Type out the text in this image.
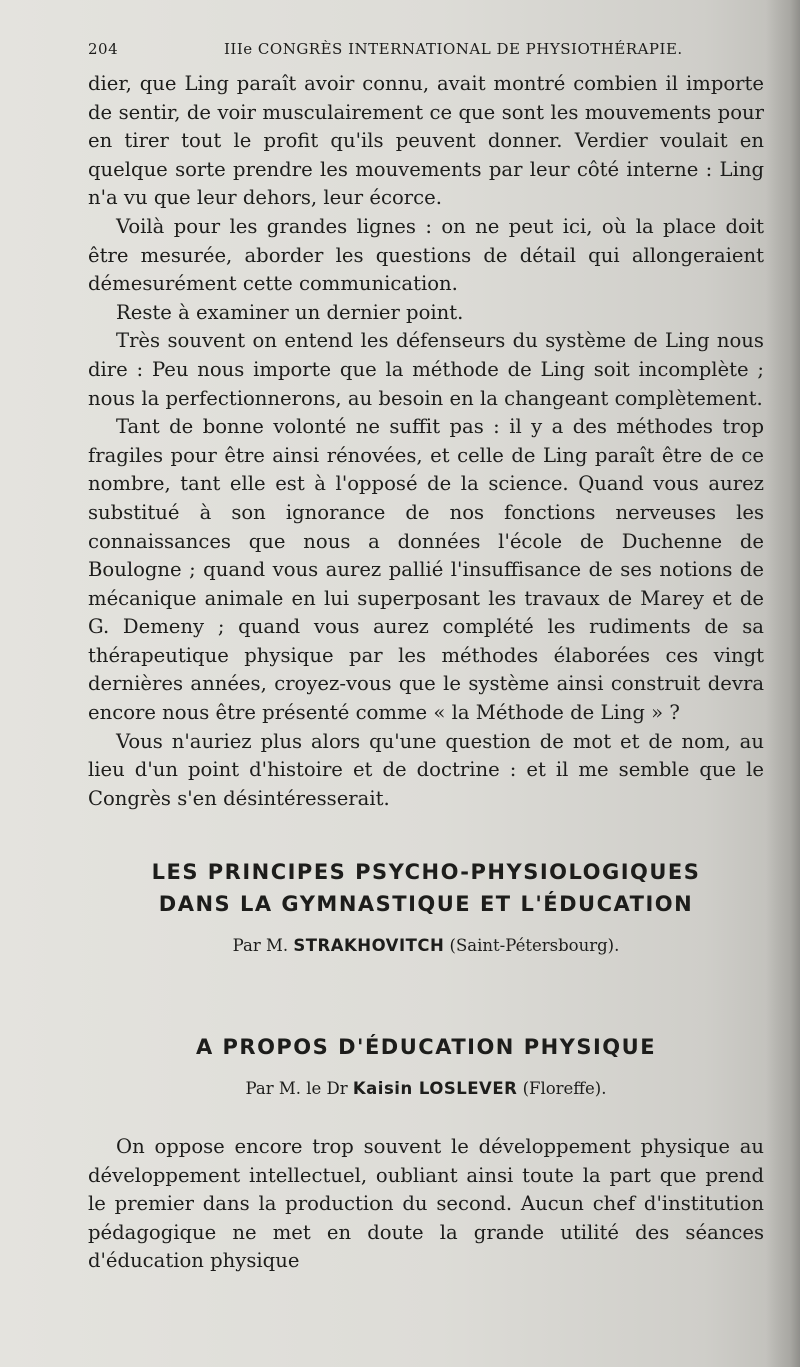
204	IIIe CONGRÈS INTERNATIONAL DE PHYSIOTHÉRAPIE.

dier, que Ling paraît avoir connu, avait montré combien il importe de sentir, de voir musculairement ce que sont les mouvements pour en tirer tout le profit qu'ils peuvent donner. Verdier voulait en quelque sorte prendre les mouvements par leur côté interne : Ling n'a vu que leur dehors, leur écorce.

Voilà pour les grandes lignes : on ne peut ici, où la place doit être mesurée, aborder les questions de détail qui allongeraient démesurément cette communication.

Reste à examiner un dernier point.

Très souvent on entend les défenseurs du système de Ling nous dire : Peu nous importe que la méthode de Ling soit incomplète ; nous la perfectionnerons, au besoin en la changeant complètement.

Tant de bonne volonté ne suffit pas : il y a des méthodes trop fragiles pour être ainsi rénovées, et celle de Ling paraît être de ce nombre, tant elle est à l'opposé de la science. Quand vous aurez substitué à son ignorance de nos fonctions nerveuses les connaissances que nous a données l'école de Duchenne de Boulogne ; quand vous aurez pallié l'insuffisance de ses notions de mécanique animale en lui superposant les travaux de Marey et de G. Demeny ; quand vous aurez complété les rudiments de sa thérapeutique physique par les méthodes élaborées ces vingt dernières années, croyez-vous que le système ainsi construit devra encore nous être présenté comme « la Méthode de Ling » ?

Vous n'auriez plus alors qu'une question de mot et de nom, au lieu d'un point d'histoire et de doctrine : et il me semble que le Congrès s'en désintéresserait.

LES PRINCIPES PSYCHO-PHYSIOLOGIQUES
DANS LA GYMNASTIQUE ET L'ÉDUCATION
Par M. STRAKHOVITCH (Saint-Pétersbourg).
A PROPOS D'ÉDUCATION PHYSIQUE
Par M. le Dr Kaisin LOSLEVER (Floreffe).

On oppose encore trop souvent le développement physique au développement intellectuel, oubliant ainsi toute la part que prend le premier dans la production du second. Aucun chef d'institution pédagogique ne met en doute la grande utilité des séances d'éducation physique
